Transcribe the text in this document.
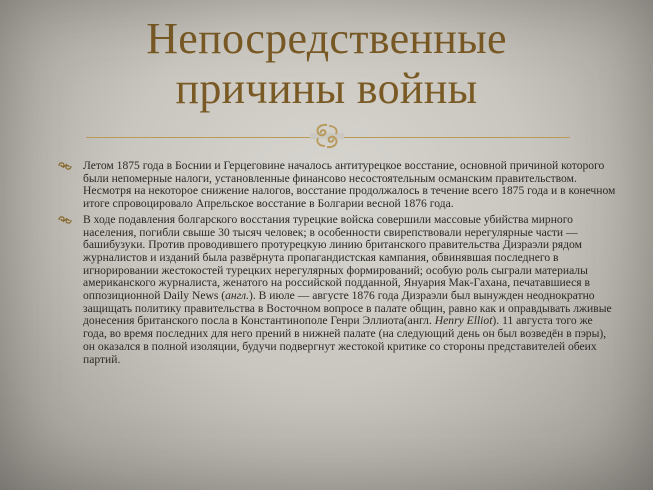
Непосредственные
причины войны
Летом 1875 года в Боснии и Герцеговине началось антитурецкое восстание, основной причиной которого были непомерные налоги, установленные финансово несостоятельным османским правительством. Несмотря на некоторое снижение налогов, восстание продолжалось в течение всего 1875 года и в конечном итоге спровоцировало Апрельское восстание в Болгарии весной 1876 года.
В ходе подавления болгарского восстания турецкие войска совершили массовые убийства мирного населения, погибли свыше 30 тысяч человек; в особенности свирепствовали нерегулярные части — башибузуки. Против проводившего протурецкую линию британского правительства Дизраэли рядом журналистов и изданий была развёрнута пропагандистская кампания, обвинявшая последнего в игнорировании жестокостей турецких нерегулярных формирований; особую роль сыграли материалы американского журналиста, женатого на российской подданной, Януария Мак-Гахана, печатавшиеся в оппозиционной Daily News (англ.). В июле — августе 1876 года Дизраэли был вынужден неоднократно защищать политику правительства в Восточном вопросе в палате общин, равно как и оправдывать лживые донесения британского посла в Константинополе Генри Эллиота(англ. Henry Elliot). 11 августа того же года, во время последних для него прений в нижней палате (на следующий день он был возведён в пэры), он оказался в полной изоляции, будучи подвергнут жестокой критике со стороны представителей обеих партий.
